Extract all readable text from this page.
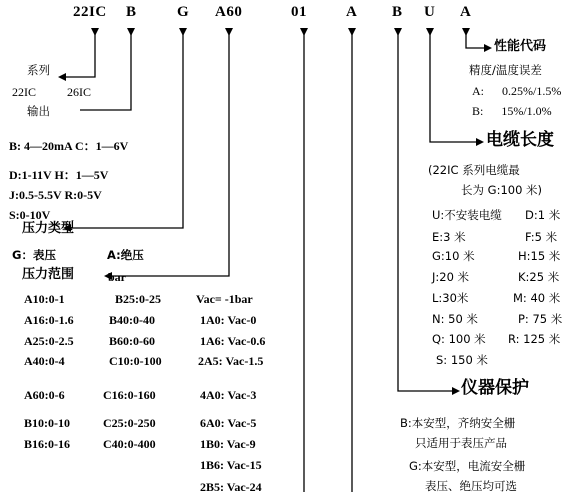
22IC B	G A60	01	A B U A
系列
22IC	26IC
输出
B: 4—20mA C：1—6V
D:1-11V H：1—5V
J:0.5-5.5V R:0-5V
S:0-10V
压力类型
G：表压	A:绝压
压力范围	bar
A10:0-1	B25:0-25	Vac= -1bar
A16:0-1.6	B40:0-40	1A0: Vac-0
A25:0-2.5	B60:0-60	1A6: Vac-0.6
A40:0-4	C10:0-100	2A5: Vac-1.5
A60:0-6	C16:0-160	4A0: Vac-3
B10:0-10	C25:0-250	6A0: Vac-5
B16:0-16	C40:0-400	1B0: Vac-9
1B6: Vac-15
2B5: Vac-24
性能代码
精度/温度误差
A:      0.25%/1.5%
B:      15%/1.0%
电缆长度
(22IC 系列电缆最
长为 G:100 米)
U:不安装电缆 D:1 米
E:3 米	F:5 米
G:10 米	H:15 米
J:20 米	K:25 米
L:30米	M: 40 米
N: 50 米	P: 75 米
Q: 100 米 R: 125 米
S: 150 米
仪器保护
B:本安型，齐纳安全栅
只适用于表压产品
G:本安型，电流安全栅
表压、绝压均可选
